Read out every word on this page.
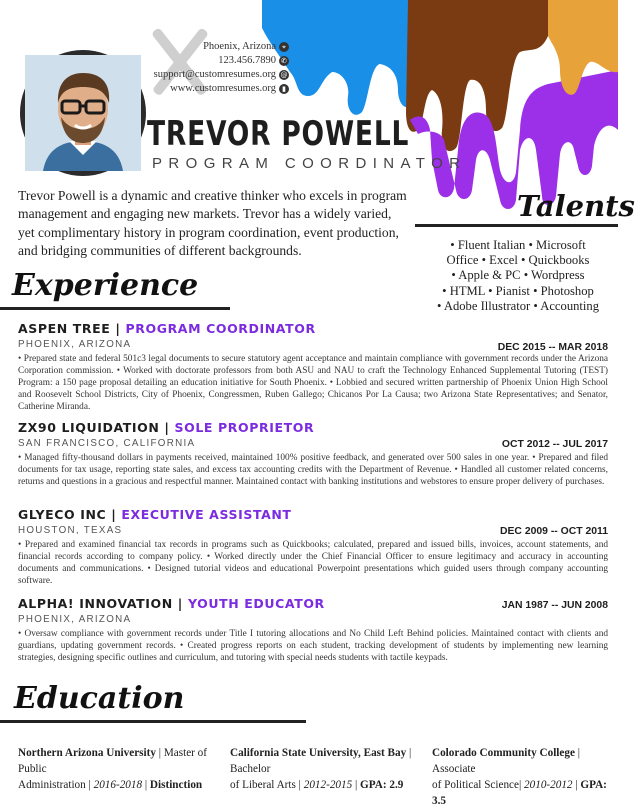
Phoenix, Arizona ⌖
123.456.7890 ✆
support@customresumes.org @
www.customresumes.org ▮
TREVOR POWELL
PROGRAM COORDINATOR
Trevor Powell is a dynamic and creative thinker who excels in program management and engaging new markets. Trevor has a widely varied, yet complimentary history in program coordination, event production, and bridging communities of different backgrounds.
Talents
• Fluent Italian • Microsoft
Office • Excel • Quickbooks
• Apple & PC • Wordpress
• HTML • Pianist • Photoshop
• Adobe Illustrator • Accounting
Experience
ASPEN TREE | PROGRAM COORDINATOR
PHOENIX, ARIZONA	DEC 2015 -- MAR 2018
• Prepared state and federal 501c3 legal documents to secure statutory agent acceptance and maintain compliance with government records under the Arizona Corporation commission. • Worked with doctorate professors from both ASU and NAU to craft the Technology Enhanced Supplemental Tutoring (TEST) Program: a 150 page proposal detailing an education initiative for South Phoenix. • Lobbied and secured written partnership of Phoenix Union High School and Roosevelt School Districts, City of Phoenix, Congressmen, Ruben Gallego; Chicanos Por La Causa; two Arizona State Representatives; and Senator, Catherine Miranda.
ZX90 LIQUIDATION | SOLE PROPRIETOR
SAN FRANCISCO, CALIFORNIA	OCT 2012 -- JUL 2017
• Managed fifty-thousand dollars in payments received, maintained 100% positive feedback, and generated over 500 sales in one year. • Prepared and filed documents for tax usage, reporting state sales, and excess tax accounting credits with the Department of Revenue. • Handled all customer related concerns, returns and questions in a gracious and respectful manner. Maintained contact with banking institutions and webstores to ensure proper delivery of purchases.
GLYECO INC | EXECUTIVE ASSISTANT
HOUSTON, TEXAS	DEC 2009 -- OCT 2011
• Prepared and examined financial tax records in programs such as Quickbooks; calculated, prepared and issued bills, invoices, account statements, and financial records according to company policy. • Worked directly under the Chief Financial Officer to ensure legitimacy and accuracy in accounting documents and communications. • Designed tutorial videos and educational Powerpoint presentations which guided users through company accounting software.
ALPHA! INNOVATION | YOUTH EDUCATOR
PHOENIX, ARIZONA
JAN 1987 -- JUN 2008
• Oversaw compliance with government records under Title I tutoring allocations and No Child Left Behind policies. Maintained contact with clients and guardians, updating government records. • Created progress reports on each student, tracking development of students by implementing new learning strategies, designing specific outlines and curriculum, and tutoring with special needs students with tactile keypads.
Education
Northern Arizona University | Master of Public
Administration | 2016-2018 | Distinction
California State University, East Bay | Bachelor
of Liberal Arts | 2012-2015 | GPA: 2.9
Colorado Community College | Associate
of Political Science| 2010-2012 | GPA: 3.5
